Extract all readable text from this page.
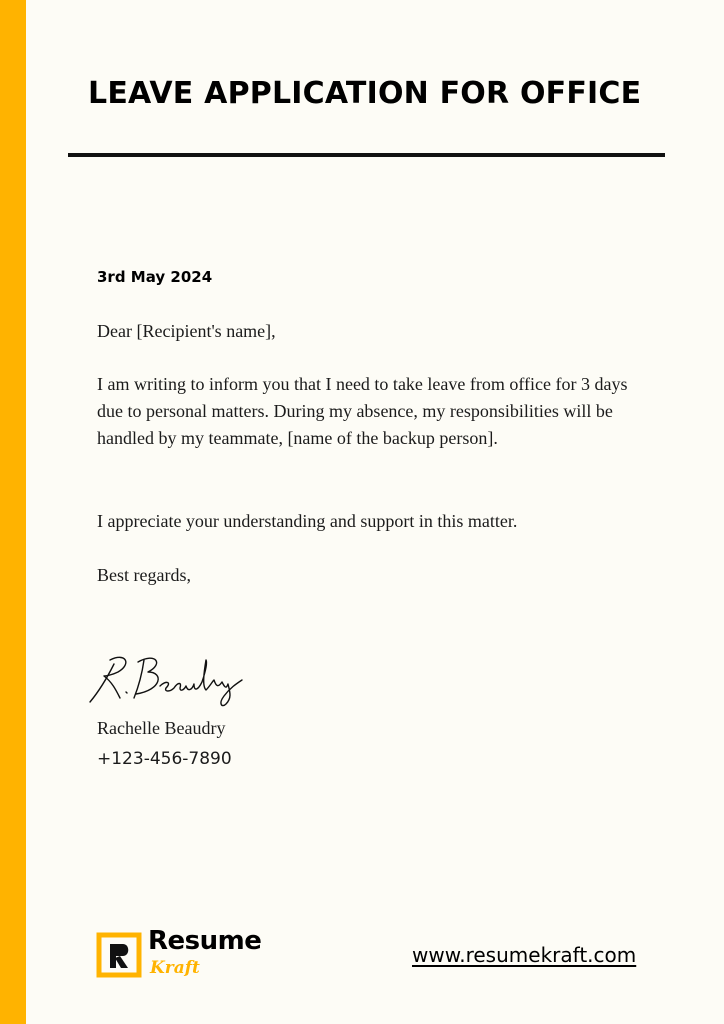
LEAVE APPLICATION FOR OFFICE
3rd May 2024
Dear [Recipient's name],
I am writing to inform you that I need to take leave from office for 3 days due to personal matters. During my absence, my responsibilities will be handled by my teammate, [name of the backup person].
I appreciate your understanding and support in this matter.
Best regards,
Rachelle Beaudry
+123-456-7890
Resume
Kraft
www.resumekraft.com
